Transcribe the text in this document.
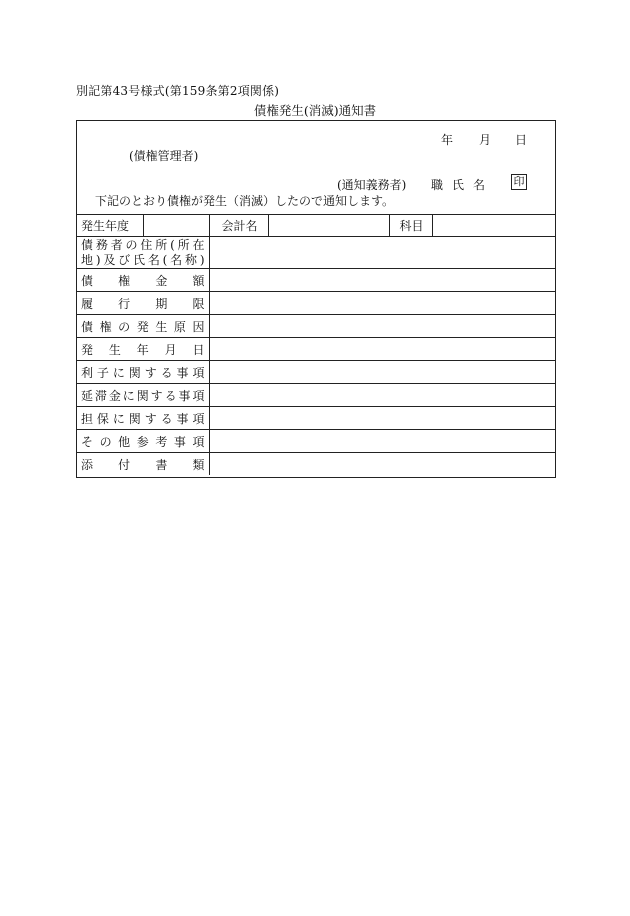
別記第43号様式(第159条第2項関係)
債権発生(消滅)通知書
年 月 日
(債権管理者)
(通知義務者) 職氏名 印
下記のとおり債権が発生（消滅）したので通知します。
発生年度		会計名		科目	

債務者の住所(所在
地)及び氏名(名称)					

債権金額					
履行期限					
債権の発生原因					
発生年月日					
利子に関する事項					
延滞金に関する事項					
担保に関する事項					
その他参考事項					
添付書類					
